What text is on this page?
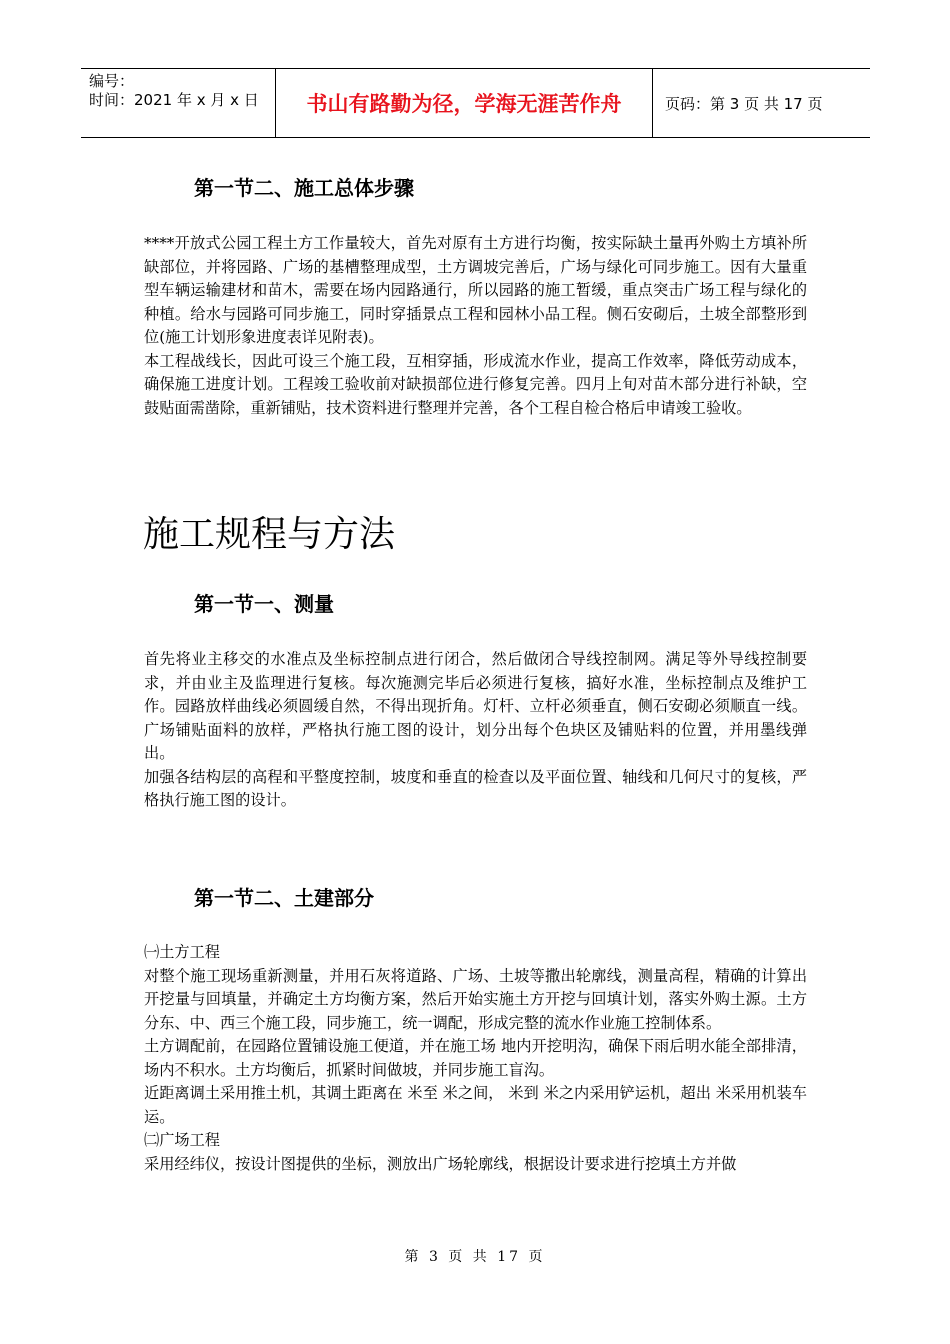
编号：
时间：2021 年 x 月 x 日	书山有路勤为径，学海无涯苦作舟	页码：第 3 页 共 17 页
第一节二、施工总体步骤

****开放式公园工程土方工作量较大，首先对原有土方进行均衡，按实际缺土量再外购土方填补所缺部位，并将园路、广场的基槽整理成型，土方调坡完善后，广场与绿化可同步施工。因有大量重型车辆运输建材和苗木，需要在场内园路通行，所以园路的施工暂缓，重点突击广场工程与绿化的种植。给水与园路可同步施工，同时穿插景点工程和园林小品工程。侧石安砌后，土坡全部整形到位(施工计划形象进度表详见附表)。

本工程战线长，因此可设三个施工段，互相穿插，形成流水作业，提高工作效率，降低劳动成本，确保施工进度计划。工程竣工验收前对缺损部位进行修复完善。四月上旬对苗木部分进行补缺，空鼓贴面需凿除，重新铺贴，技术资料进行整理并完善，各个工程自检合格后申请竣工验收。

施工规程与方法
第一节一、测量

首先将业主移交的水准点及坐标控制点进行闭合，然后做闭合导线控制网。满足等外导线控制要求，并由业主及监理进行复核。每次施测完毕后必须进行复核，搞好水准，坐标控制点及维护工作。园路放样曲线必须圆缓自然，不得出现折角。灯杆、立杆必须垂直，侧石安砌必须顺直一线。广场铺贴面料的放样，严格执行施工图的设计，划分出每个色块区及铺贴料的位置，并用墨线弹出。

加强各结构层的高程和平整度控制，坡度和垂直的检查以及平面位置、轴线和几何尺寸的复核，严格执行施工图的设计。

第一节二、土建部分

㈠土方工程

对整个施工现场重新测量，并用石灰将道路、广场、土坡等撒出轮廓线，测量高程，精确的计算出开挖量与回填量，并确定土方均衡方案，然后开始实施土方开挖与回填计划，落实外购土源。土方分东、中、西三个施工段，同步施工，统一调配，形成完整的流水作业施工控制体系。

土方调配前，在园路位置铺设施工便道，并在施工场 地内开挖明沟，确保下雨后明水能全部排清，场内不积水。土方均衡后，抓紧时间做坡，并同步施工盲沟。

近距离调土采用推土机，其调土距离在 米至 米之间， 米到 米之内采用铲运机，超出 米采用机装车运。

㈡广场工程

采用经纬仪，按设计图提供的坐标，测放出广场轮廓线，根据设计要求进行挖填土方并做

第 3 页 共 17 页
